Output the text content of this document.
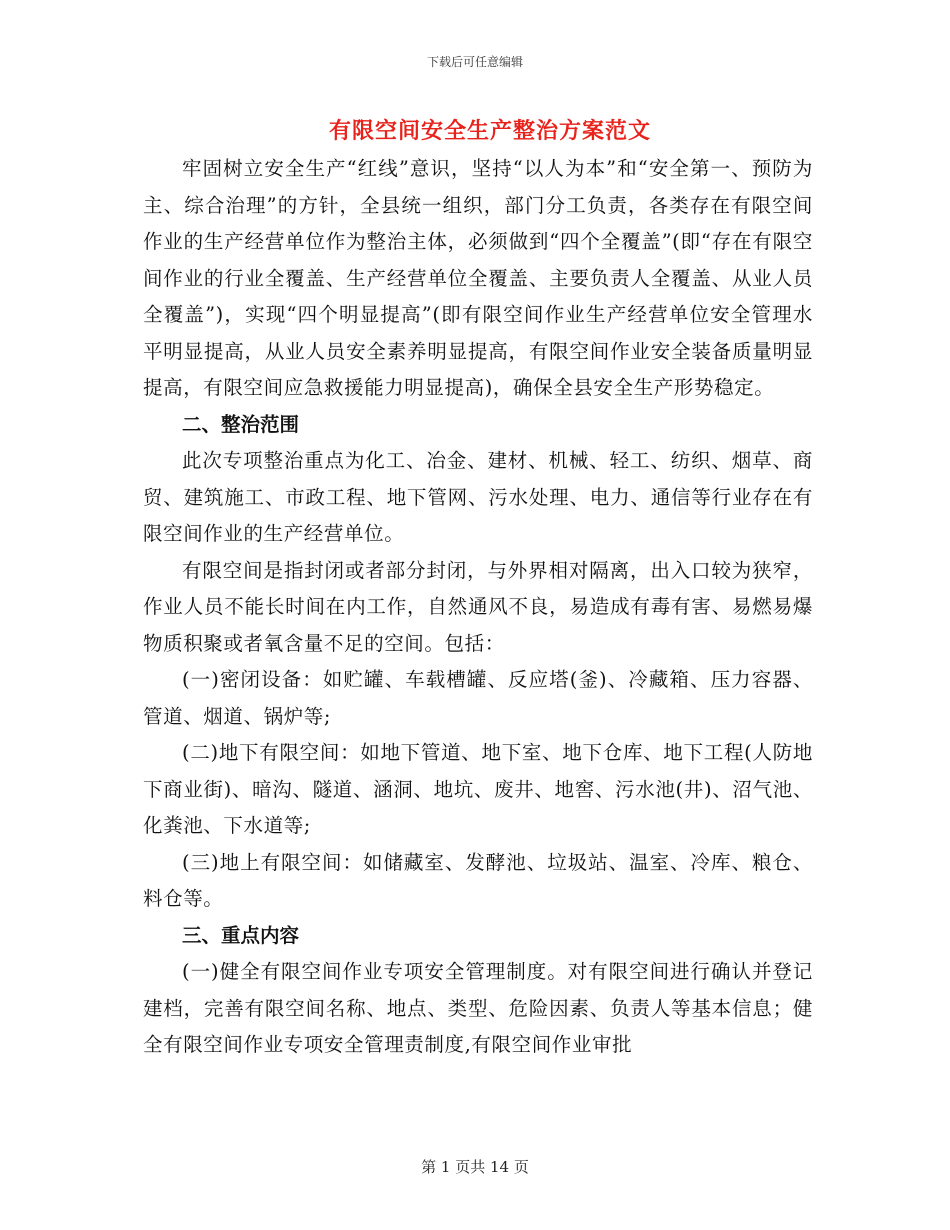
下载后可任意编辑
有限空间安全生产整治方案范文

牢固树立安全生产“红线”意识，坚持“以人为本”和“安全第一、预防为主、综合治理”的方针，全县统一组织，部门分工负责，各类存在有限空间作业的生产经营单位作为整治主体，必须做到“四个全覆盖”(即“存在有限空间作业的行业全覆盖、生产经营单位全覆盖、主要负责人全覆盖、从业人员全覆盖”)，实现“四个明显提高”(即有限空间作业生产经营单位安全管理水平明显提高，从业人员安全素养明显提高，有限空间作业安全装备质量明显提高，有限空间应急救援能力明显提高)，确保全县安全生产形势稳定。

二、整治范围

此次专项整治重点为化工、冶金、建材、机械、轻工、纺织、烟草、商贸、建筑施工、市政工程、地下管网、污水处理、电力、通信等行业存在有限空间作业的生产经营单位。

有限空间是指封闭或者部分封闭，与外界相对隔离，出入口较为狭窄，作业人员不能长时间在内工作，自然通风不良，易造成有毒有害、易燃易爆物质积聚或者氧含量不足的空间。包括：

(一)密闭设备：如贮罐、车载槽罐、反应塔(釜)、冷藏箱、压力容器、管道、烟道、锅炉等;

(二)地下有限空间：如地下管道、地下室、地下仓库、地下工程(人防地下商业街)、暗沟、隧道、涵洞、地坑、废井、地窖、污水池(井)、沼气池、化粪池、下水道等;

(三)地上有限空间：如储藏室、发酵池、垃圾站、温室、冷库、粮仓、料仓等。

三、重点内容

(一)健全有限空间作业专项安全管理制度。对有限空间进行确认并登记建档，完善有限空间名称、地点、类型、危险因素、负责人等基本信息；健全有限空间作业专项安全管理责制度,有限空间作业审批

第 1 页共 14 页
